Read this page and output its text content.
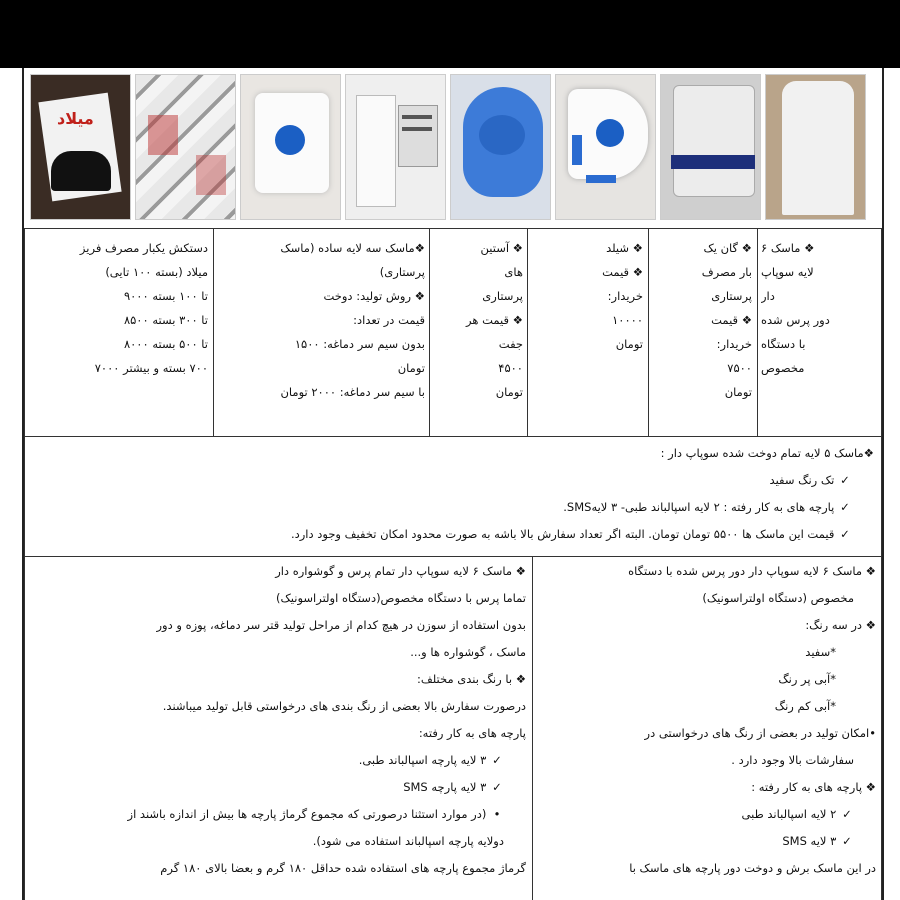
میلاد

❖ ماسک ۶

لایه سوپاپ

دار

دور پرس شده

با دستگاه

مخصوص

❖ گان یک

بار مصرف

پرستاری

❖ قیمت

خریدار:

۷۵۰۰

تومان

❖ شیلد

❖ قیمت

خریدار:

۱۰۰۰۰

تومان

❖ آستین

های

پرستاری

❖ قیمت هر

جفت

۴۵۰۰

تومان

❖ماسک سه لایه ساده (ماسک

پرستاری)

❖ روش تولید: دوخت

قیمت در تعداد:

بدون سیم سر دماغه: ۱۵۰۰

تومان

با سیم سر دماغه: ۲۰۰۰ تومان

دستکش یکبار مصرف فریز

میلاد (بسته ۱۰۰ تایی)

تا ۱۰۰ بسته ۹۰۰۰

تا ۳۰۰ بسته ۸۵۰۰

تا ۵۰۰ بسته ۸۰۰۰

۷۰۰ بسته و بیشتر ۷۰۰۰

❖ماسک ۵ لایه تمام دوخت شده سوپاپ دار :

✓ تک رنگ سفید

✓ پارچه های به کار رفته : ۲ لایه اسپالباند طبی- ۳ لایهSMS.

✓ قیمت این ماسک ها ۵۵۰۰ تومان تومان. البته اگر تعداد سفارش بالا باشه به صورت محدود امکان تخفیف وجود دارد.

❖ ماسک ۶ لایه سوپاپ دار دور پرس شده با دستگاه

مخصوص (دستگاه اولتراسونیک)

❖ در سه رنگ:

*سفید

*آبی پر رنگ

*آبی کم رنگ

•امکان تولید در بعضی از رنگ های درخواستی در

سفارشات بالا وجود دارد .

❖ پارچه های به کار رفته :

✓ ۲ لایه اسپالباند طبی

✓ ۳ لایه SMS

در این ماسک برش و دوخت دور پارچه های ماسک با

❖ ماسک ۶ لایه سوپاپ دار تمام پرس و گوشواره دار

تماما پرس با دستگاه مخصوص(دستگاه اولتراسونیک)

بدون استفاده از سوزن در هیچ کدام از مراحل تولید قتر سر دماغه، پوزه و دور

ماسک ، گوشواره ها و...

❖ با رنگ بندی مختلف:

درصورت سفارش بالا بعضی از رنگ بندی های درخواستی قابل تولید میباشند.

پارچه های به کار رفته:

✓ ۳ لایه پارچه اسپالباند طبی.

✓ ۳ لایه پارچه SMS

• (در موارد استثنا درصورتی که مجموع گرماژ پارچه ها بیش از اندازه باشند از

دولایه پارچه اسپالباند استفاده می شود).

گرماژ مجموع پارچه های استفاده شده حداقل ۱۸۰ گرم و بعضا بالای ۱۸۰ گرم
